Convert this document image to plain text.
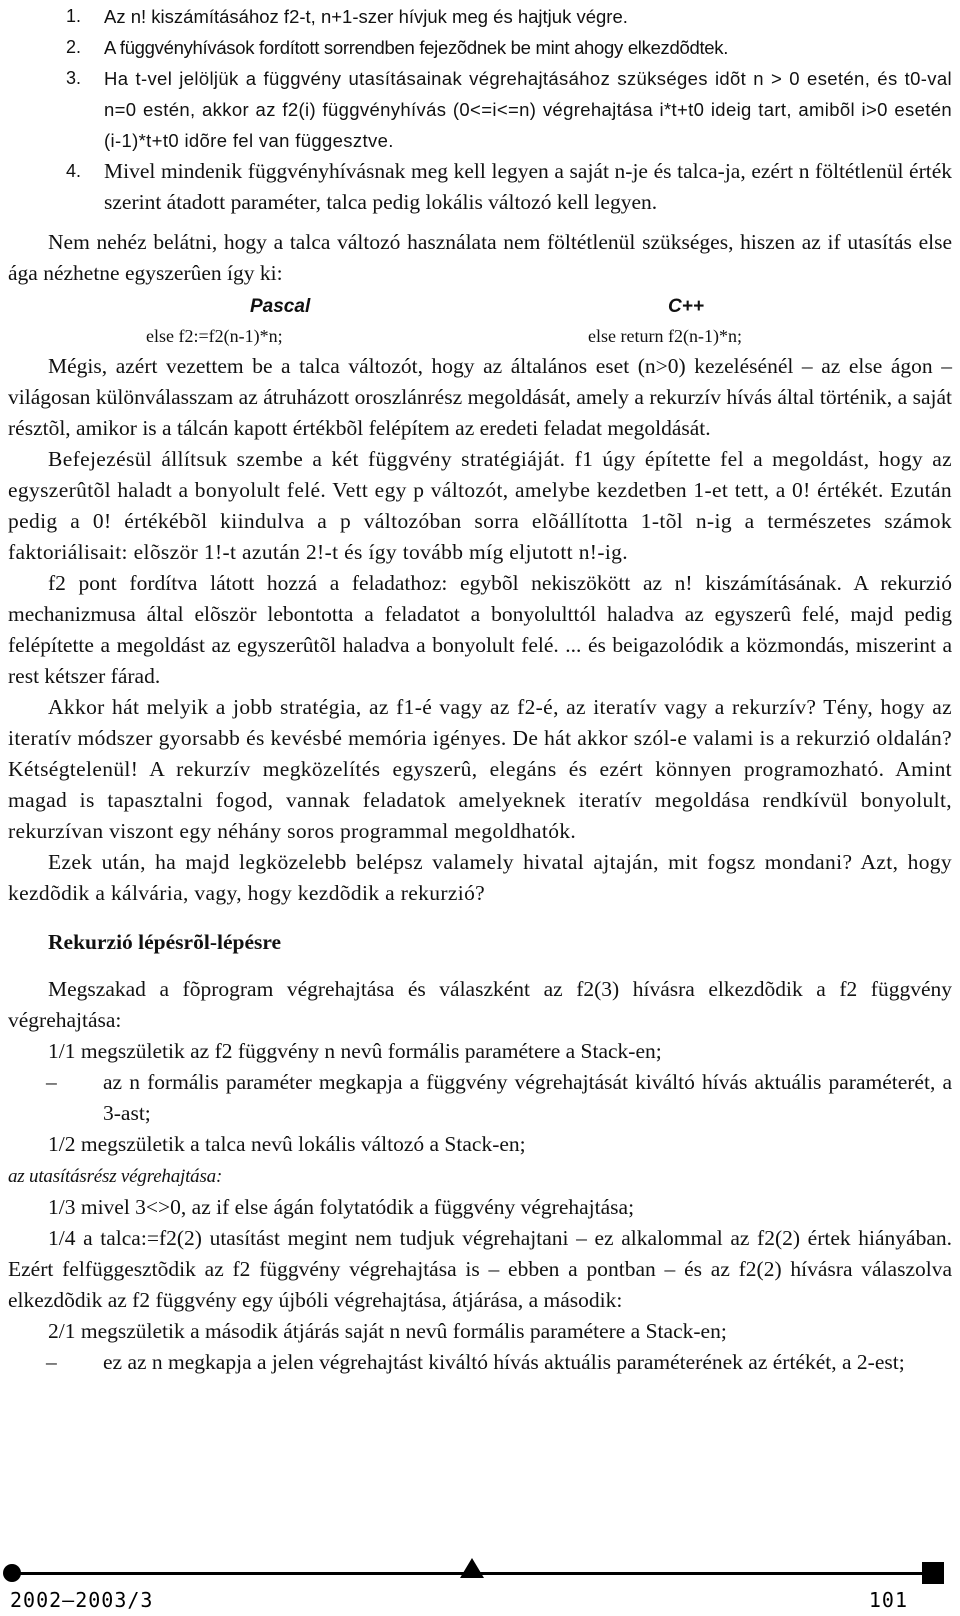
1. Az n! kiszámításához f2-t, n+1-szer hívjuk meg és hajtjuk végre.
2. A függvényhívások fordított sorrendben fejezõdnek be mint ahogy elkezdõdtek.
3. Ha t-vel jelöljük a függvény utasításainak végrehajtásához szükséges idõt n > 0 esetén, és t0-val n=0 estén, akkor az f2(i) függvényhívás (0<=i<=n) végrehajtása i*t+t0 ideig tart, amibõl i>0 esetén (i-1)*t+t0 idõre fel van függesztve.
4. Mivel mindenik függvényhívásnak meg kell legyen a saját n-je és talca-ja, ezért n föltétlenül érték szerint átadott paraméter, talca pedig lokális változó kell legyen.

Nem nehéz belátni, hogy a talca változó használata nem föltétlenül szükséges, hiszen az if utasítás else ága nézhetne egyszerûen így ki:

Pascal	C++
else f2:=f2(n-1)*n;	else return f2(n-1)*n;

Mégis, azért vezettem be a talca változót, hogy az általános eset (n>0) kezelésénél – az else ágon – világosan különválasszam az átruházott oroszlánrész megoldását, amely a rekurzív hívás által történik, a saját résztõl, amikor is a tálcán kapott értékbõl felépítem az eredeti feladat megoldását.

Befejezésül állítsuk szembe a két függvény stratégiáját. f1 úgy építette fel a megoldást, hogy az egyszerûtõl haladt a bonyolult felé. Vett egy p változót, amelybe kezdetben 1-et tett, a 0! értékét. Ezután pedig a 0! értékébõl kiindulva a p változóban sorra elõállította 1-tõl n-ig a természetes számok faktoriálisait: elõször 1!-t azután 2!-t és így tovább míg eljutott n!-ig.

f2 pont fordítva látott hozzá a feladathoz: egybõl nekiszökött az n! kiszámításának. A rekurzió mechanizmusa által elõször lebontotta a feladatot a bonyolulttól haladva az egyszerû felé, majd pedig felépítette a megoldást az egyszerûtõl haladva a bonyolult felé. ... és beigazolódik a közmondás, miszerint a rest kétszer fárad.

Akkor hát melyik a jobb stratégia, az f1-é vagy az f2-é, az iteratív vagy a rekurzív? Tény, hogy az iteratív módszer gyorsabb és kevésbé memória igényes. De hát akkor szól-e valami is a rekurzió oldalán? Kétségtelenül! A rekurzív megközelítés egyszerû, elegáns és ezért könnyen programozható. Amint magad is tapasztalni fogod, vannak feladatok amelyeknek iteratív megoldása rendkívül bonyolult, rekurzívan viszont egy néhány soros programmal megoldhatók.

Ezek után, ha majd legközelebb belépsz valamely hivatal ajtaján, mit fogsz mondani? Azt, hogy kezdõdik a kálvária, vagy, hogy kezdõdik a rekurzió?

Rekurzió lépésrõl-lépésre

Megszakad a fõprogram végrehajtása és válaszként az f2(3) hívásra elkezdõdik a f2 függvény végrehajtása:

1/1 megszületik az f2 függvény n nevû formális paramétere a Stack-en;

– az n formális paraméter megkapja a függvény végrehajtását kiváltó hívás aktuális paraméterét, a 3-ast;

1/2 megszületik a talca nevû lokális változó a Stack-en;

az utasításrész végrehajtása:

1/3 mivel 3<>0, az if else ágán folytatódik a függvény végrehajtása;

1/4 a talca:=f2(2) utasítást megint nem tudjuk végrehajtani – ez alkalommal az f2(2) értek hiányában. Ezért felfüggesztõdik az f2 függvény végrehajtása is – ebben a pontban – és az f2(2) hívásra válaszolva elkezdõdik az f2 függvény egy újbóli végrehajtása, átjárása, a második:

2/1 megszületik a második átjárás saját n nevû formális paramétere a Stack-en;

– ez az n megkapja a jelen végrehajtást kiváltó hívás aktuális paraméterének az értékét, a 2-est;
2002–2003/3	101
